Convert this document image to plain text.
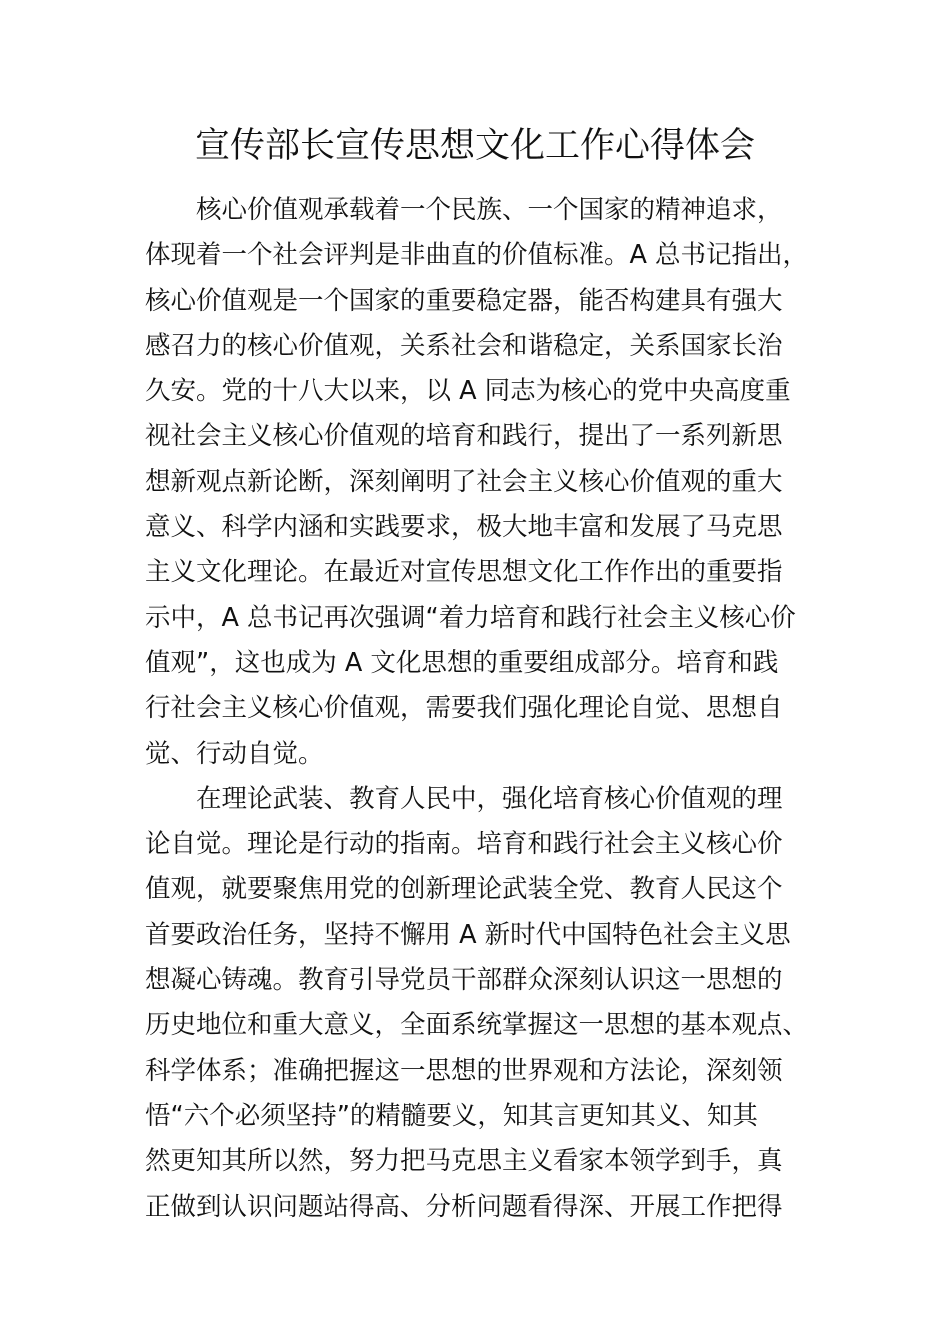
宣传部长宣传思想文化工作心得体会
核心价值观承载着一个民族、一个国家的精神追求，
体现着一个社会评判是非曲直的价值标准。A 总书记指出，
核心价值观是一个国家的重要稳定器，能否构建具有强大
感召力的核心价值观，关系社会和谐稳定，关系国家长治
久安。党的十八大以来，以 A 同志为核心的党中央高度重
视社会主义核心价值观的培育和践行，提出了一系列新思
想新观点新论断，深刻阐明了社会主义核心价值观的重大
意义、科学内涵和实践要求，极大地丰富和发展了马克思
主义文化理论。在最近对宣传思想文化工作作出的重要指
示中，A 总书记再次强调“着力培育和践行社会主义核心价
值观”，这也成为 A 文化思想的重要组成部分。培育和践
行社会主义核心价值观，需要我们强化理论自觉、思想自
觉、行动自觉。
在理论武装、教育人民中，强化培育核心价值观的理
论自觉。理论是行动的指南。培育和践行社会主义核心价
值观，就要聚焦用党的创新理论武装全党、教育人民这个
首要政治任务，坚持不懈用 A 新时代中国特色社会主义思
想凝心铸魂。教育引导党员干部群众深刻认识这一思想的
历史地位和重大意义，全面系统掌握这一思想的基本观点、
科学体系；准确把握这一思想的世界观和方法论，深刻领
悟“六个必须坚持”的精髓要义，知其言更知其义、知其
然更知其所以然，努力把马克思主义看家本领学到手，真
正做到认识问题站得高、分析问题看得深、开展工作把得
